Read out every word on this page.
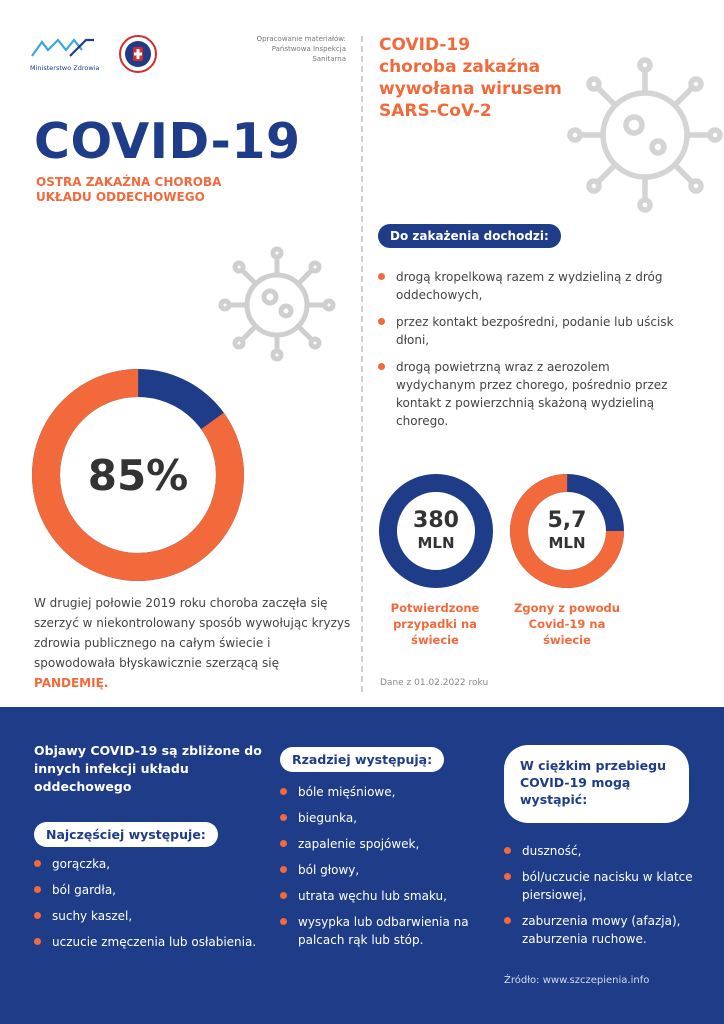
Ministerstwo Zdrowia
Opracowanie materiałów:
Państwowa Inspekcja
Sanitarna
COVID-19
OSTRA ZAKAŹNA CHOROBA
UKŁADU ODDECHOWEGO
COVID-19
choroba zakaźna
wywołana wirusem
SARS-CoV-2
Do zakażenia dochodzi:
drogą kropelkową razem z wydzieliną z dróg oddechowych,
przez kontakt bezpośredni, podanie lub uścisk dłoni,
drogą powietrzną wraz z aerozolem wydychanym przez chorego, pośrednio przez kontakt z powierzchnią skażoną wydzieliną chorego.
85%
380
MLN
5,7
MLN
Potwierdzone przypadki na świecie
Zgony z powodu Covid-19 na świecie
Dane z 01.02.2022 roku
W drugiej połowie 2019 roku choroba zaczęła się szerzyć w niekontrolowany sposób wywołując kryzys zdrowia publicznego na całym świecie i spowodowała błyskawicznie szerzącą się PANDEMIĘ.
Objawy COVID-19 są zbliżone do innych infekcji układu oddechowego
Najczęściej występuje:
gorączka,
ból gardła,
suchy kaszel,
uczucie zmęczenia lub osłabienia.
Rzadziej występują:
bóle mięśniowe,
biegunka,
zapalenie spojówek,
ból głowy,
utrata węchu lub smaku,
wysypka lub odbarwienia na palcach rąk lub stóp.
W ciężkim przebiegu COVID-19 mogą wystąpić:
duszność,
ból/uczucie nacisku w klatce piersiowej,
zaburzenia mowy (afazja), zaburzenia ruchowe.
Źródło: www.szczepienia.info
